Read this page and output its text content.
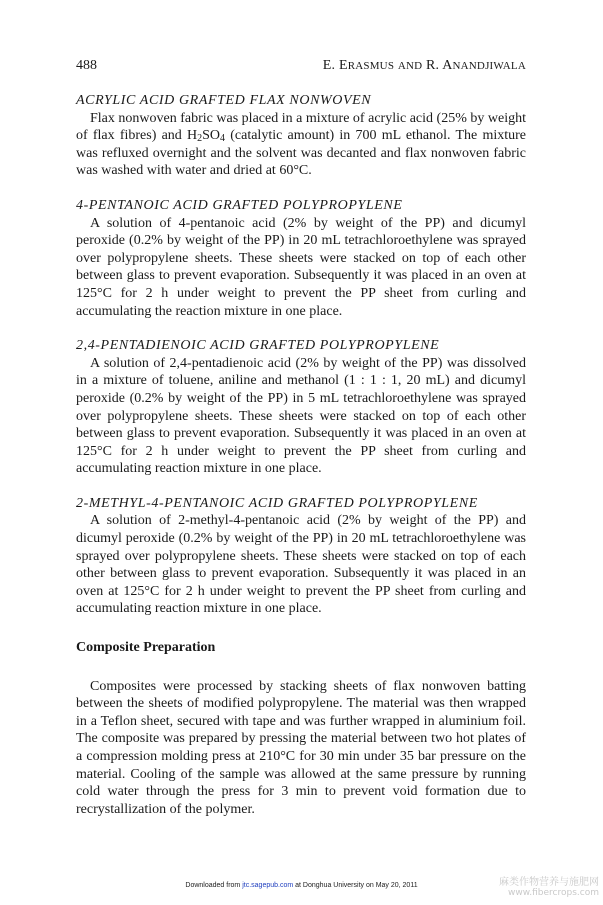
488	E. ERASMUS AND R. ANANDJIWALA

ACRYLIC ACID GRAFTED FLAX NONWOVEN

Flax nonwoven fabric was placed in a mixture of acrylic acid (25% by weight of flax fibres) and $H_2SO_4$ (catalytic amount) in 700 mL ethanol. The mixture was refluxed overnight and the solvent was decanted and flax nonwoven fabric was washed with water and dried at 60°C.

4-PENTANOIC ACID GRAFTED POLYPROPYLENE

A solution of 4-pentanoic acid (2% by weight of the PP) and dicumyl peroxide (0.2% by weight of the PP) in 20 mL tetrachloroethylene was sprayed over polypropylene sheets. These sheets were stacked on top of each other between glass to prevent evaporation. Subsequently it was placed in an oven at 125°C for 2 h under weight to prevent the PP sheet from curling and accumulating the reaction mixture in one place.

2,4-PENTADIENOIC ACID GRAFTED POLYPROPYLENE

A solution of 2,4-pentadienoic acid (2% by weight of the PP) was dissolved in a mixture of toluene, aniline and methanol (1 : 1 : 1, 20 mL) and dicumyl peroxide (0.2% by weight of the PP) in 5 mL tetrachloroethylene was sprayed over polypropylene sheets. These sheets were stacked on top of each other between glass to prevent evaporation. Subsequently it was placed in an oven at 125°C for 2 h under weight to prevent the PP sheet from curling and accumulating reaction mixture in one place.

2-METHYL-4-PENTANOIC ACID GRAFTED POLYPROPYLENE

A solution of 2-methyl-4-pentanoic acid (2% by weight of the PP) and dicumyl peroxide (0.2% by weight of the PP) in 20 mL tetrachloroethylene was sprayed over polypropylene sheets. These sheets were stacked on top of each other between glass to prevent evaporation. Subsequently it was placed in an oven at 125°C for 2 h under weight to prevent the PP sheet from curling and accumulating reaction mixture in one place.

Composite Preparation

Composites were processed by stacking sheets of flax nonwoven batting between the sheets of modified polypropylene. The material was then wrapped in a Teflon sheet, secured with tape and was further wrapped in aluminium foil. The composite was prepared by pressing the material between two hot plates of a compression molding press at 210°C for 30 min under 35 bar pressure on the material. Cooling of the sample was allowed at the same pressure by running cold water through the press for 3 min to prevent void formation due to recrystallization of the polymer.

Downloaded from jtc.sagepub.com at Donghua University on May 20, 2011	麻类作物营养与施肥网
www.fibercrops.com
